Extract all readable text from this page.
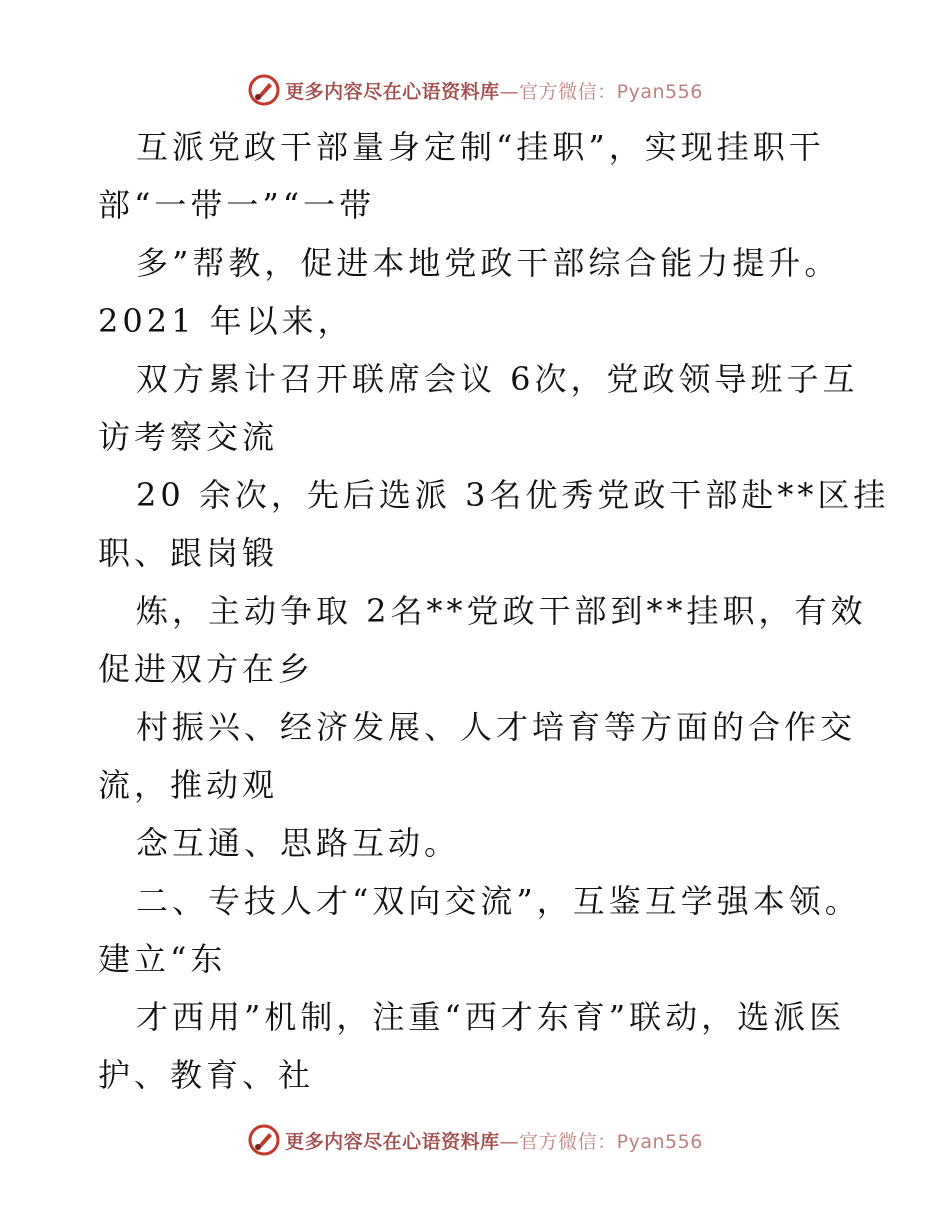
更多内容尽在心语资料库—官方微信：Pyan556
互派党政干部量身定制“挂职”，实现挂职干
部“一带一”“一带
多”帮教，促进本地党政干部综合能力提升。
2021 年以来，
双方累计召开联席会议 6次，党政领导班子互
访考察交流
20 余次，先后选派 3名优秀党政干部赴**区挂
职、跟岗锻
炼，主动争取 2名**党政干部到**挂职，有效
促进双方在乡
村振兴、经济发展、人才培育等方面的合作交
流，推动观
念互通、思路互动。
二、专技人才“双向交流”，互鉴互学强本领。
建立“东
才西用”机制，注重“西才东育”联动，选派医
护、教育、社
更多内容尽在心语资料库—官方微信：Pyan556
